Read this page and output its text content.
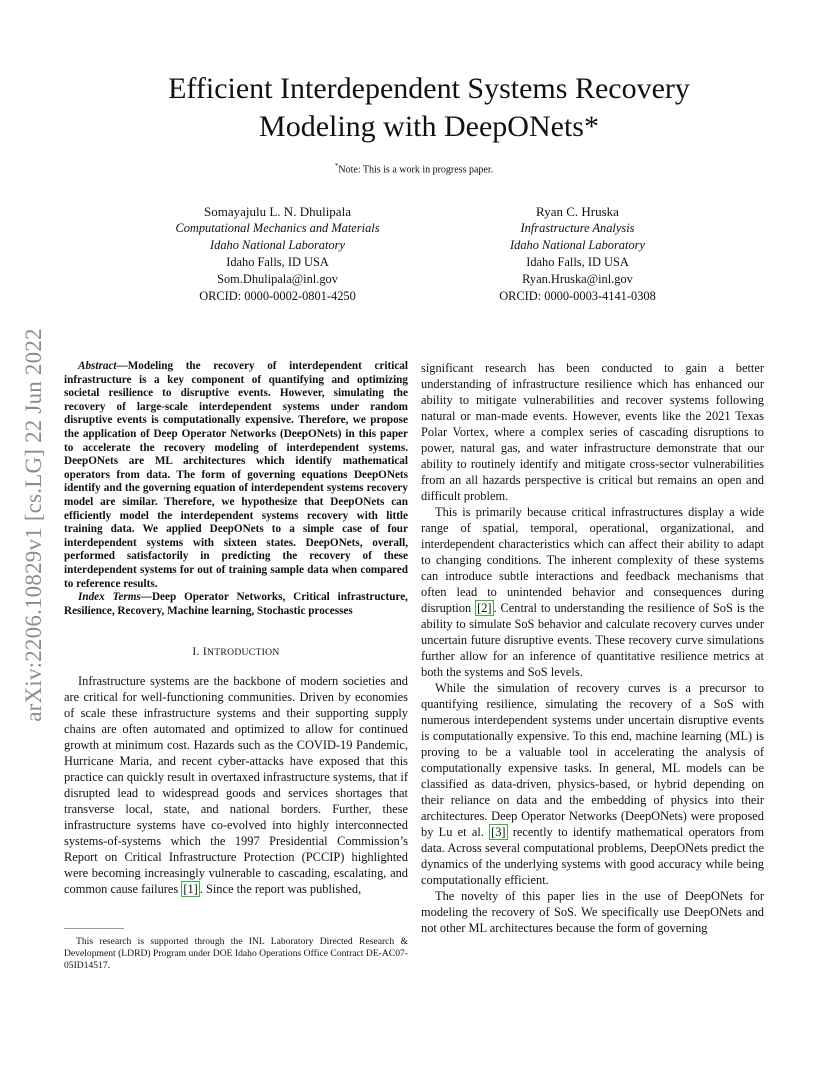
arXiv:2206.10829v1 [cs.LG] 22 Jun 2022
Efficient Interdependent Systems Recovery
Modeling with DeepONets*
*Note: This is a work in progress paper.
Somayajulu L. N. Dhulipala
Computational Mechanics and Materials
Idaho National Laboratory
Idaho Falls, ID USA
Som.Dhulipala@inl.gov
ORCID: 0000-0002-0801-4250
Ryan C. Hruska
Infrastructure Analysis
Idaho National Laboratory
Idaho Falls, ID USA
Ryan.Hruska@inl.gov
ORCID: 0000-0003-4141-0308

Abstract—Modeling the recovery of interdependent critical infrastructure is a key component of quantifying and optimizing societal resilience to disruptive events. However, simulating the recovery of large-scale interdependent systems under random disruptive events is computationally expensive. Therefore, we propose the application of Deep Operator Networks (DeepONets) in this paper to accelerate the recovery modeling of interdependent systems. DeepONets are ML architectures which identify mathematical operators from data. The form of governing equations DeepONets identify and the governing equation of interdependent systems recovery model are similar. Therefore, we hypothesize that DeepONets can efficiently model the interdependent systems recovery with little training data. We applied DeepONets to a simple case of four interdependent systems with sixteen states. DeepONets, overall, performed satisfactorily in predicting the recovery of these interdependent systems for out of training sample data when compared to reference results.

Index Terms—Deep Operator Networks, Critical infrastructure, Resilience, Recovery, Machine learning, Stochastic processes

I. INTRODUCTION

Infrastructure systems are the backbone of modern societies and are critical for well-functioning communities. Driven by economies of scale these infrastructure systems and their supporting supply chains are often automated and optimized to allow for continued growth at minimum cost. Hazards such as the COVID-19 Pandemic, Hurricane Maria, and recent cyber-attacks have exposed that this practice can quickly result in overtaxed infrastructure systems, that if disrupted lead to widespread goods and services shortages that transverse local, state, and national borders. Further, these infrastructure systems have co-evolved into highly interconnected systems-of-systems which the 1997 Presidential Commission’s Report on Critical Infrastructure Protection (PCCIP) highlighted were becoming increasingly vulnerable to cascading, escalating, and common cause failures [1] . Since the report was published,

significant research has been conducted to gain a better understanding of infrastructure resilience which has enhanced our ability to mitigate vulnerabilities and recover systems following natural or man-made events. However, events like the 2021 Texas Polar Vortex, where a complex series of cascading disruptions to power, natural gas, and water infrastructure demonstrate that our ability to routinely identify and mitigate cross-sector vulnerabilities from an all hazards perspective is critical but remains an open and difficult problem.

This is primarily because critical infrastructures display a wide range of spatial, temporal, operational, organizational, and interdependent characteristics which can affect their ability to adapt to changing conditions. The inherent complexity of these systems can introduce subtle interactions and feedback mechanisms that often lead to unintended behavior and consequences during disruption [2] . Central to understanding the resilience of SoS is the ability to simulate SoS behavior and calculate recovery curves under uncertain future disruptive events. These recovery curve simulations further allow for an inference of quantitative resilience metrics at both the systems and SoS levels.

While the simulation of recovery curves is a precursor to quantifying resilience, simulating the recovery of a SoS with numerous interdependent systems under uncertain disruptive events is computationally expensive. To this end, machine learning (ML) is proving to be a valuable tool in accelerating the analysis of computationally expensive tasks. In general, ML models can be classified as data-driven, physics-based, or hybrid depending on their reliance on data and the embedding of physics into their architectures. Deep Operator Networks (DeepONets) were proposed by Lu et al. [3] recently to identify mathematical operators from data. Across several computational problems, DeepONets predict the dynamics of the underlying systems with good accuracy while being computationally efficient.

The novelty of this paper lies in the use of DeepONets for modeling the recovery of SoS. We specifically use DeepONets and not other ML architectures because the form of governing

This research is supported through the INL Laboratory Directed Research & Development (LDRD) Program under DOE Idaho Operations Office Contract DE-AC07-05ID14517.
